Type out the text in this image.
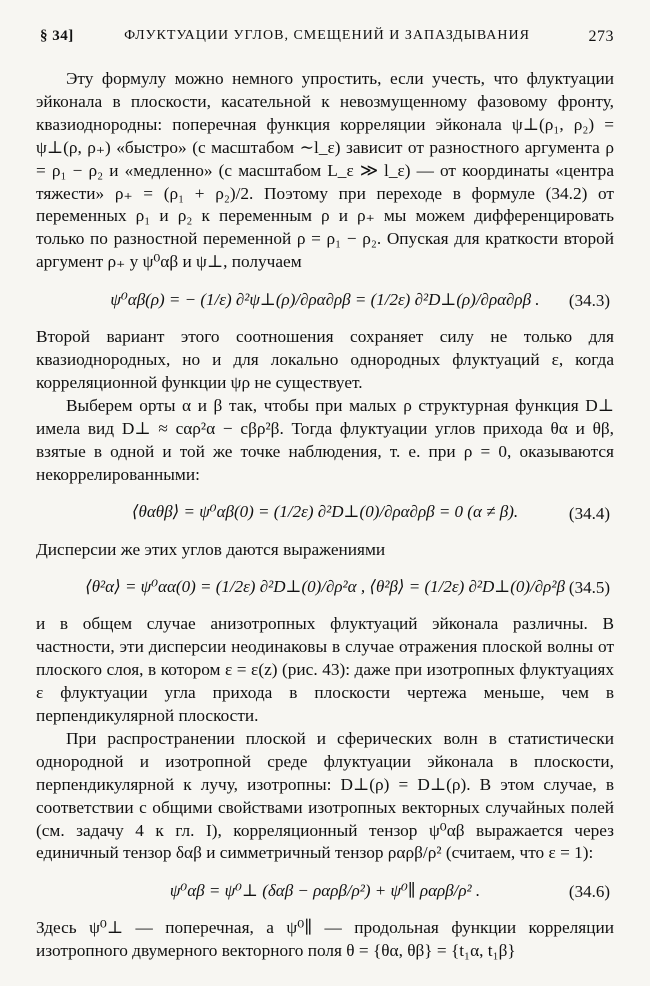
§ 34]	ФЛУКТУАЦИИ УГЛОВ, СМЕЩЕНИЙ И ЗАПАЗДЫВАНИЯ	273

Эту формулу можно немного упростить, если учесть, что флуктуации эйконала в плоскости, касательной к невозмущенному фазовому фронту, квазиоднородны: поперечная функция корреляции эйконала ψ⊥(ρ₁, ρ₂) = ψ⊥(ρ, ρ₊) «быстро» (с масштабом ∼l_ε) зависит от разностного аргумента ρ = ρ₁ − ρ₂ и «медленно» (с масштабом L_ε ≫ l_ε) — от координаты «центра тяжести» ρ₊ = (ρ₁ + ρ₂)/2. Поэтому при переходе в формуле (34.2) от переменных ρ₁ и ρ₂ к переменным ρ и ρ₊ мы можем дифференцировать только по разностной переменной ρ = ρ₁ − ρ₂. Опуская для краткости второй аргумент ρ₊ у ψ⁰αβ и ψ⊥, получаем

ψ⁰αβ(ρ) = − (1/ε) ∂²ψ⊥(ρ)/∂ρα∂ρβ = (1/2ε) ∂²D⊥(ρ)/∂ρα∂ρβ . (34.3)

Второй вариант этого соотношения сохраняет силу не только для квазиоднородных, но и для локально однородных флуктуаций ε, когда корреляционной функции ψρ не существует.

Выберем орты α и β так, чтобы при малых ρ структурная функция D⊥ имела вид D⊥ ≈ cαρ²α − cβρ²β. Тогда флуктуации углов прихода θα и θβ, взятые в одной и той же точке наблюдения, т. е. при ρ = 0, оказываются некоррелированными:

⟨θαθβ⟩ = ψ⁰αβ(0) = (1/2ε) ∂²D⊥(0)/∂ρα∂ρβ = 0 (α ≠ β).	(34.4)

Дисперсии же этих углов даются выражениями

⟨θ²α⟩ = ψ⁰αα(0) = (1/2ε) ∂²D⊥(0)/∂ρ²α , ⟨θ²β⟩ = (1/2ε) ∂²D⊥(0)/∂ρ²β (34.5)

и в общем случае анизотропных флуктуаций эйконала различны. В частности, эти дисперсии неодинаковы в случае отражения плоской волны от плоского слоя, в котором ε = ε(z) (рис. 43): даже при изотропных флуктуациях ε флуктуации угла прихода в плоскости чертежа меньше, чем в перпендикулярной плоскости.

При распространении плоской и сферических волн в статистически однородной и изотропной среде флуктуации эйконала в плоскости, перпендикулярной к лучу, изотропны: D⊥(ρ) = D⊥(ρ). В этом случае, в соответствии с общими свойствами изотропных векторных случайных полей (см. задачу 4 к гл. I), корреляционный тензор ψ⁰αβ выражается через единичный тензор δαβ и симметричный тензор ραρβ/ρ² (считаем, что ε = 1):

ψ⁰αβ = ψ⁰⊥ (δαβ − ραρβ/ρ²) + ψ⁰∥ ραρβ/ρ² .	(34.6)

Здесь ψ⁰⊥ — поперечная, а ψ⁰∥ — продольная функции корреляции изотропного двумерного векторного поля θ = {θα, θβ} = {t₁α, t₁β}
